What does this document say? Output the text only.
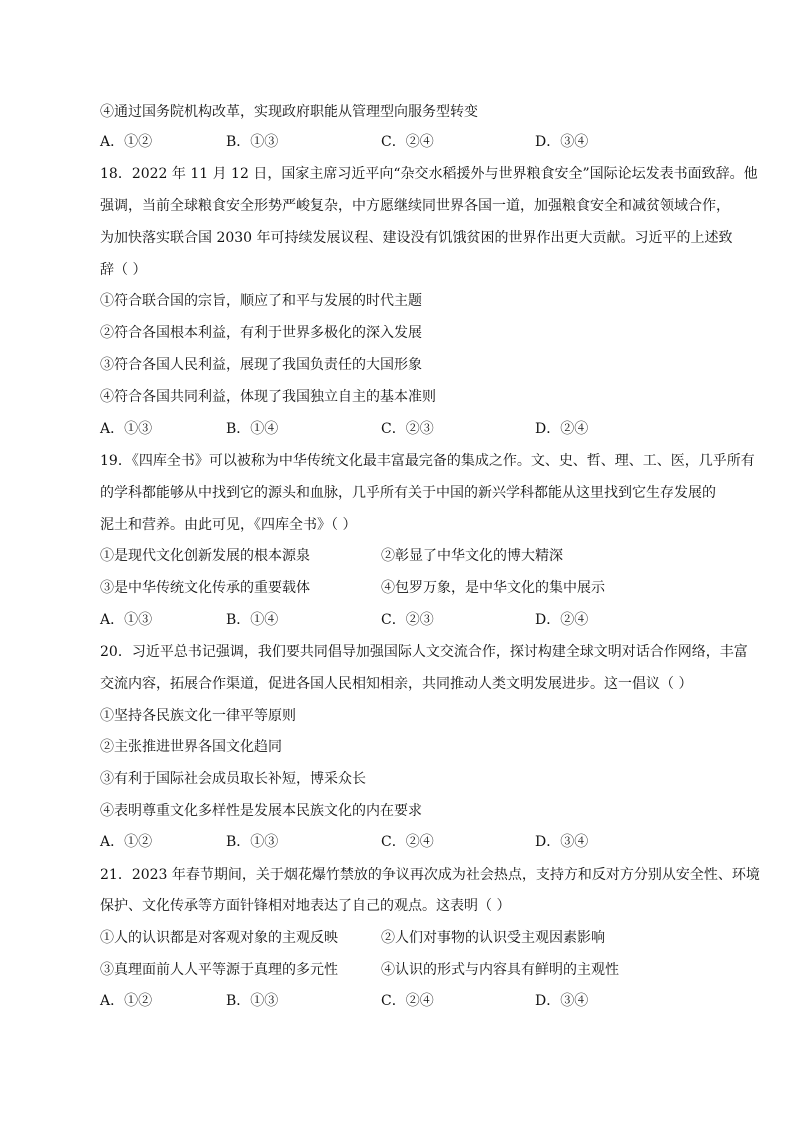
④通过国务院机构改革，实现政府职能从管理型向服务型转变
A．①②	B．①③	C．②④	D．③④
18．2022 年 11 月 12 日，国家主席习近平向“杂交水稻援外与世界粮食安全”国际论坛发表书面致辞。他
强调，当前全球粮食安全形势严峻复杂，中方愿继续同世界各国一道，加强粮食安全和减贫领域合作，
为加快落实联合国 2030 年可持续发展议程、建设没有饥饿贫困的世界作出更大贡献。习近平的上述致
辞（ ）
①符合联合国的宗旨，顺应了和平与发展的时代主题
②符合各国根本利益，有利于世界多极化的深入发展
③符合各国人民利益，展现了我国负责任的大国形象
④符合各国共同利益，体现了我国独立自主的基本准则
A．①③	B．①④	C．②③	D．②④
19．《四库全书》可以被称为中华传统文化最丰富最完备的集成之作。文、史、哲、理、工、医，几乎所有
的学科都能够从中找到它的源头和血脉，几乎所有关于中国的新兴学科都能从这里找到它生存发展的
泥土和营养。由此可见，《四库全书》（ ）
①是现代文化创新发展的根本源泉	②彰显了中华文化的博大精深
③是中华传统文化传承的重要载体	④包罗万象，是中华文化的集中展示
A．①③	B．①④	C．②③	D．②④
20．习近平总书记强调，我们要共同倡导加强国际人文交流合作，探讨构建全球文明对话合作网络，丰富
交流内容，拓展合作渠道，促进各国人民相知相亲，共同推动人类文明发展进步。这一倡议（ ）
①坚持各民族文化一律平等原则
②主张推进世界各国文化趋同
③有利于国际社会成员取长补短，博采众长
④表明尊重文化多样性是发展本民族文化的内在要求
A．①②	B．①③	C．②④	D．③④
21．2023 年春节期间，关于烟花爆竹禁放的争议再次成为社会热点，支持方和反对方分别从安全性、环境
保护、文化传承等方面针锋相对地表达了自己的观点。这表明（ ）
①人的认识都是对客观对象的主观反映	②人们对事物的认识受主观因素影响
③真理面前人人平等源于真理的多元性	④认识的形式与内容具有鲜明的主观性
A．①②	B．①③	C．②④	D．③④
